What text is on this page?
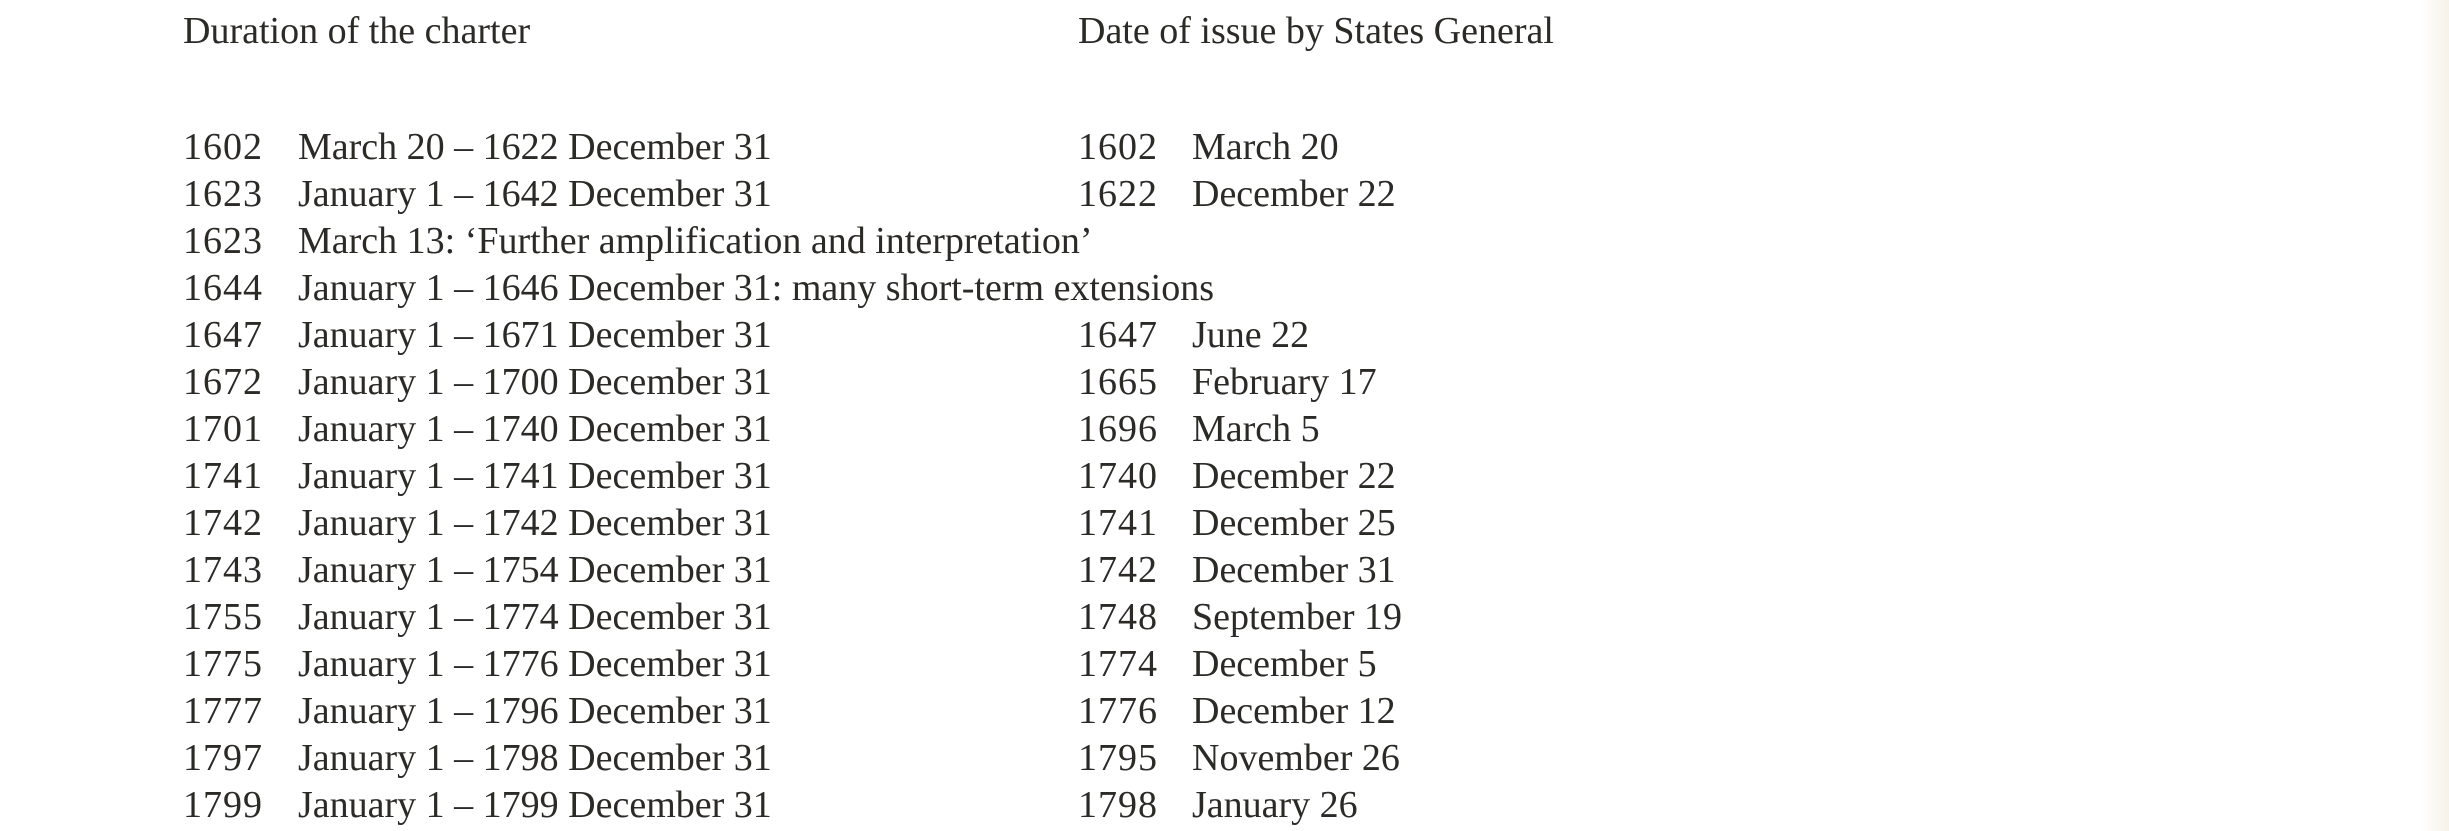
Duration of the charter	Date of issue by States General
1602 March 20 – 1622 December 31	1602 March 20
1623 January 1 – 1642 December 31	1622 December 22
1623 March 13: ‘Further amplification and interpretation’
1644 January 1 – 1646 December 31: many short-term extensions
1647 January 1 – 1671 December 31	1647 June 22
1672 January 1 – 1700 December 31	1665 February 17
1701 January 1 – 1740 December 31	1696 March 5
1741 January 1 – 1741 December 31	1740 December 22
1742 January 1 – 1742 December 31	1741 December 25
1743 January 1 – 1754 December 31	1742 December 31
1755 January 1 – 1774 December 31	1748 September 19
1775 January 1 – 1776 December 31	1774 December 5
1777 January 1 – 1796 December 31	1776 December 12
1797 January 1 – 1798 December 31	1795 November 26
1799 January 1 – 1799 December 31	1798 January 26
